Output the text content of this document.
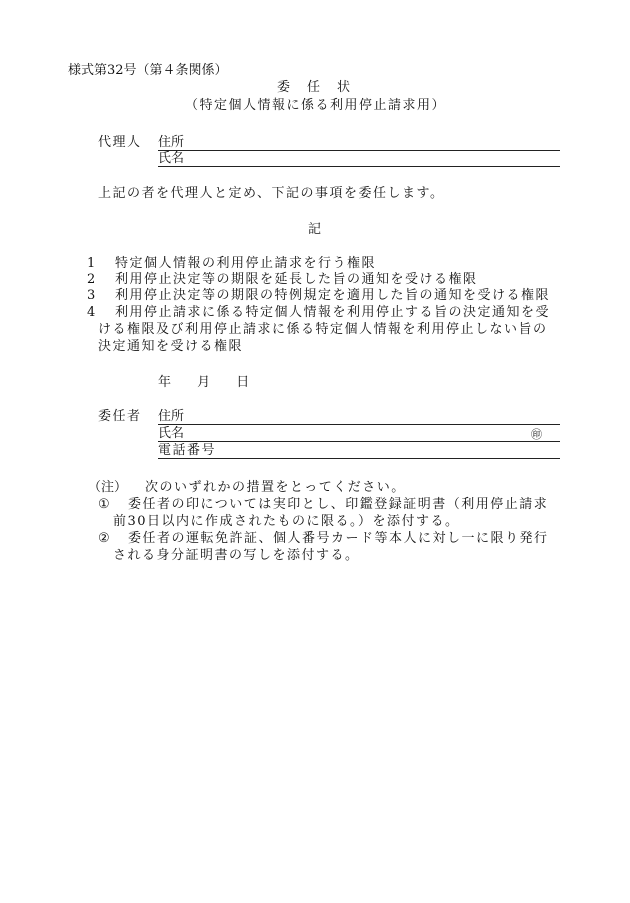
様式第32号（第４条関係）
委　任　状
（特定個人情報に係る利用停止請求用）
代理人 住所
氏名
上記の者を代理人と定め、下記の事項を委任します。
記
1 特定個人情報の利用停止請求を行う権限
2 利用停止決定等の期限を延長した旨の通知を受ける権限
3 利用停止決定等の期限の特例規定を適用した旨の通知を受ける権限
4 利用停止請求に係る特定個人情報を利用停止する旨の決定通知を受
ける権限及び利用停止請求に係る特定個人情報を利用停止しない旨の
決定通知を受ける権限
年　 月　 日
委任者 住所
氏名	㊞
電話番号
（注） 次のいずれかの措置をとってください。
① 委任者の印については実印とし、印鑑登録証明書（利用停止請求
前30日以内に作成されたものに限る。）を添付する。
② 委任者の運転免許証、個人番号カード等本人に対し一に限り発行
される身分証明書の写しを添付する。
